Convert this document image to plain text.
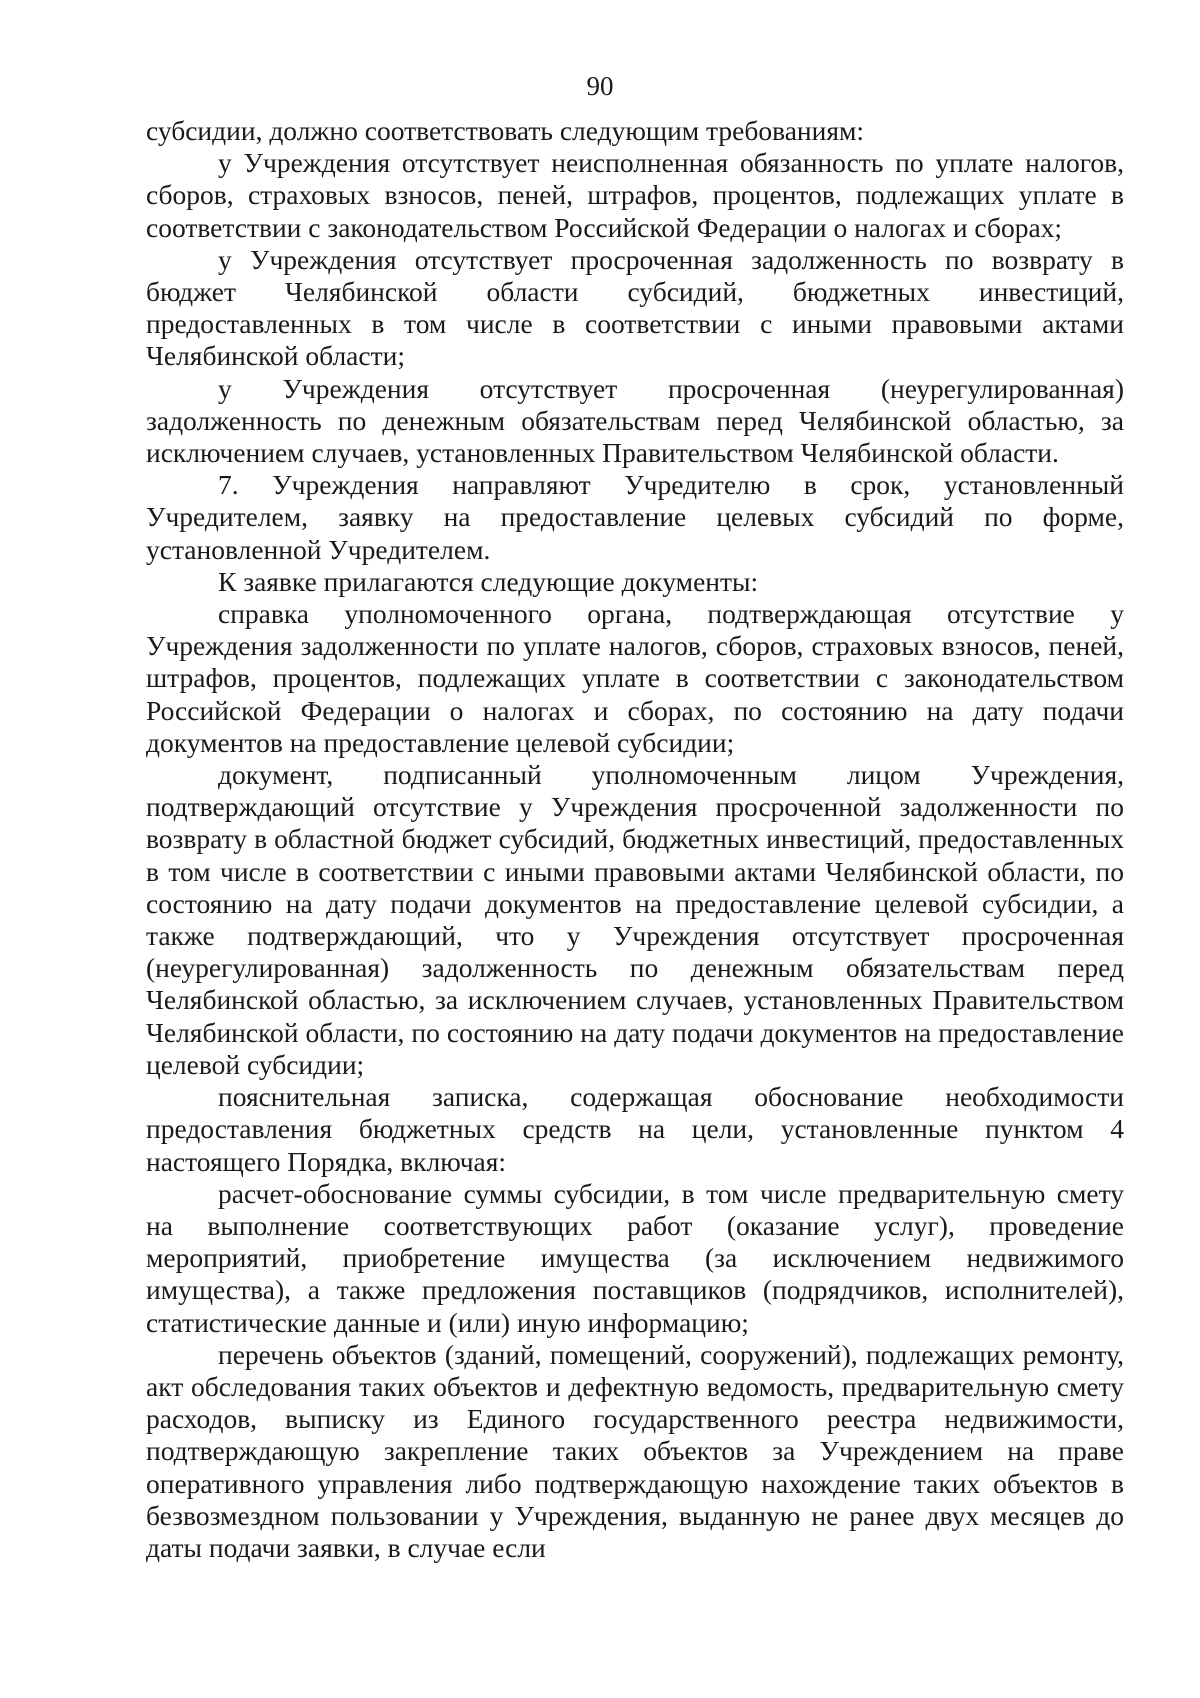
90

субсидии, должно соответствовать следующим требованиям:

у Учреждения отсутствует неисполненная обязанность по уплате налогов, сборов, страховых взносов, пеней, штрафов, процентов, подлежащих уплате в соответствии с законодательством Российской Федерации о налогах и сборах;

у Учреждения отсутствует просроченная задолженность по возврату в бюджет Челябинской области субсидий, бюджетных инвестиций, предоставленных в том числе в соответствии с иными правовыми актами Челябинской области;

у Учреждения отсутствует просроченная (неурегулированная) задолженность по денежным обязательствам перед Челябинской областью, за исключением случаев, установленных Правительством Челябинской области.

7. Учреждения направляют Учредителю в срок, установленный Учредителем, заявку на предоставление целевых субсидий по форме, установленной Учредителем.

К заявке прилагаются следующие документы:

справка уполномоченного органа, подтверждающая отсутствие у Учреждения задолженности по уплате налогов, сборов, страховых взносов, пеней, штрафов, процентов, подлежащих уплате в соответствии с законодательством Российской Федерации о налогах и сборах, по состоянию на дату подачи документов на предоставление целевой субсидии;

документ, подписанный уполномоченным лицом Учреждения, подтверждающий отсутствие у Учреждения просроченной задолженности по возврату в областной бюджет субсидий, бюджетных инвестиций, предоставленных в том числе в соответствии с иными правовыми актами Челябинской области, по состоянию на дату подачи документов на предоставление целевой субсидии, а также подтверждающий, что у Учреждения отсутствует просроченная (неурегулированная) задолженность по денежным обязательствам перед Челябинской областью, за исключением случаев, установленных Правительством Челябинской области, по состоянию на дату подачи документов на предоставление целевой субсидии;

пояснительная записка, содержащая обоснование необходимости предоставления бюджетных средств на цели, установленные пунктом 4 настоящего Порядка, включая:

расчет-обоснование суммы субсидии, в том числе предварительную смету на выполнение соответствующих работ (оказание услуг), проведение мероприятий, приобретение имущества (за исключением недвижимого имущества), а также предложения поставщиков (подрядчиков, исполнителей), статистические данные и (или) иную информацию;

перечень объектов (зданий, помещений, сооружений), подлежащих ремонту, акт обследования таких объектов и дефектную ведомость, предварительную смету расходов, выписку из Единого государственного реестра недвижимости, подтверждающую закрепление таких объектов за Учреждением на праве оперативного управления либо подтверждающую нахождение таких объектов в безвозмездном пользовании у Учреждения, выданную не ранее двух месяцев до даты подачи заявки, в случае если
